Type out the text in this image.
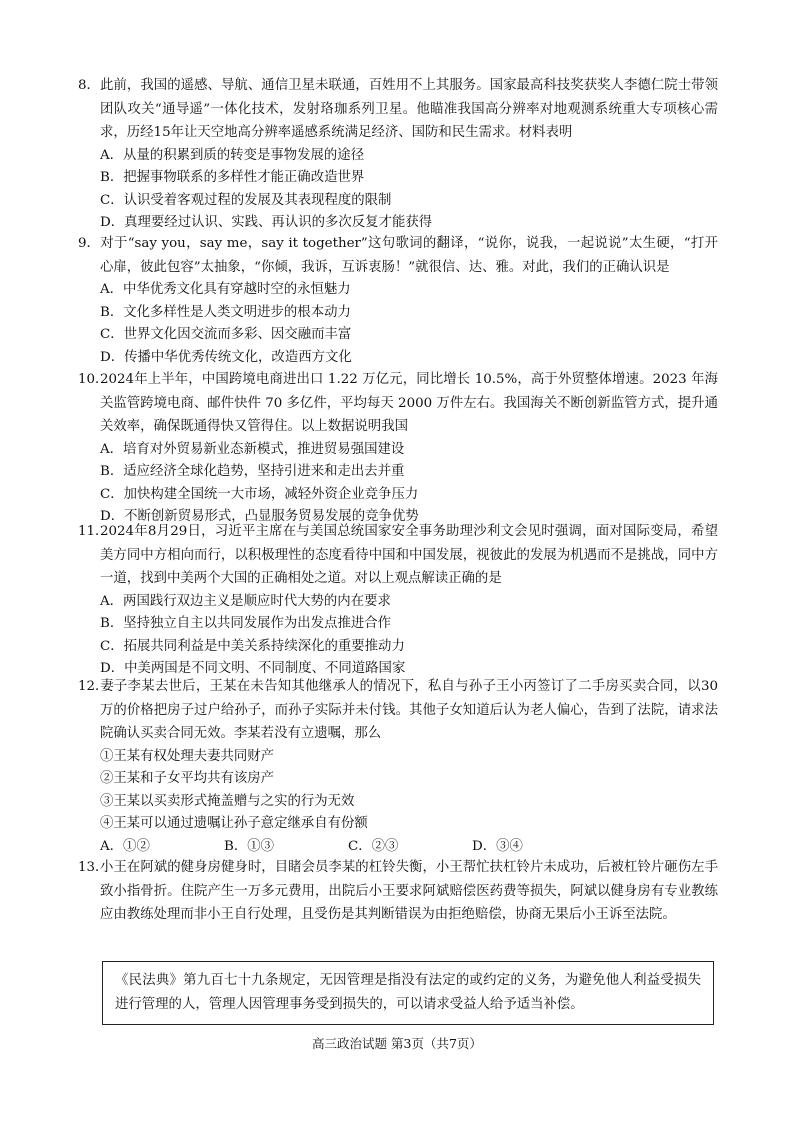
8．此前，我国的遥感、导航、通信卫星未联通，百姓用不上其服务。国家最高科技奖获奖人李德仁院士带领团队攻关“通导遥”一体化技术，发射珞珈系列卫星。他瞄准我国高分辨率对地观测系统重大专项核心需求，历经15年让天空地高分辨率遥感系统满足经济、国防和民生需求。材料表明
A．从量的积累到质的转变是事物发展的途径
B．把握事物联系的多样性才能正确改造世界
C．认识受着客观过程的发展及其表现程度的限制
D．真理要经过认识、实践、再认识的多次反复才能获得
9．对于“say you，say me，say it together”这句歌词的翻译，“说你，说我，一起说说”太生硬，“打开心扉，彼此包容”太抽象，“你倾，我诉，互诉衷肠！”就很信、达、雅。对此，我们的正确认识是
A．中华优秀文化具有穿越时空的永恒魅力
B．文化多样性是人类文明进步的根本动力
C．世界文化因交流而多彩、因交融而丰富
D．传播中华优秀传统文化，改造西方文化
10．2024年上半年，中国跨境电商进出口 1.22 万亿元，同比增长 10.5%，高于外贸整体增速。2023 年海关监管跨境电商、邮件快件 70 多亿件，平均每天 2000 万件左右。我国海关不断创新监管方式，提升通关效率，确保既通得快又管得住。以上数据说明我国
A．培育对外贸易新业态新模式，推进贸易强国建设
B．适应经济全球化趋势，坚持引进来和走出去并重
C．加快构建全国统一大市场，减轻外资企业竞争压力
D．不断创新贸易形式，凸显服务贸易发展的竞争优势
11．2024年8月29日，习近平主席在与美国总统国家安全事务助理沙利文会见时强调，面对国际变局，希望美方同中方相向而行，以积极理性的态度看待中国和中国发展，视彼此的发展为机遇而不是挑战，同中方一道，找到中美两个大国的正确相处之道。对以上观点解读正确的是
A．两国践行双边主义是顺应时代大势的内在要求
B．坚持独立自主以共同发展作为出发点推进合作
C．拓展共同利益是中美关系持续深化的重要推动力
D．中美两国是不同文明、不同制度、不同道路国家
12．妻子李某去世后，王某在未告知其他继承人的情况下，私自与孙子王小丙签订了二手房买卖合同，以30万的价格把房子过户给孙子，而孙子实际并未付钱。其他子女知道后认为老人偏心，告到了法院，请求法院确认买卖合同无效。李某若没有立遗嘱，那么
①王某有权处理夫妻共同财产
②王某和子女平均共有该房产
③王某以买卖形式掩盖赠与之实的行为无效
④王某可以通过遗嘱让孙子意定继承自有份额
A．①②	B．①③	C．②③	D．③④
13．小王在阿斌的健身房健身时，目睹会员李某的杠铃失衡，小王帮忙扶杠铃片未成功，后被杠铃片砸伤左手致小指骨折。住院产生一万多元费用，出院后小王要求阿斌赔偿医药费等损失，阿斌以健身房有专业教练应由教练处理而非小王自行处理，且受伤是其判断错误为由拒绝赔偿，协商无果后小王诉至法院。
《民法典》第九百七十九条规定，无因管理是指没有法定的或约定的义务，为避免他人利益受损失进行管理的人，管理人因管理事务受到损失的，可以请求受益人给予适当补偿。
高三政治试题 第3页（共7页）
